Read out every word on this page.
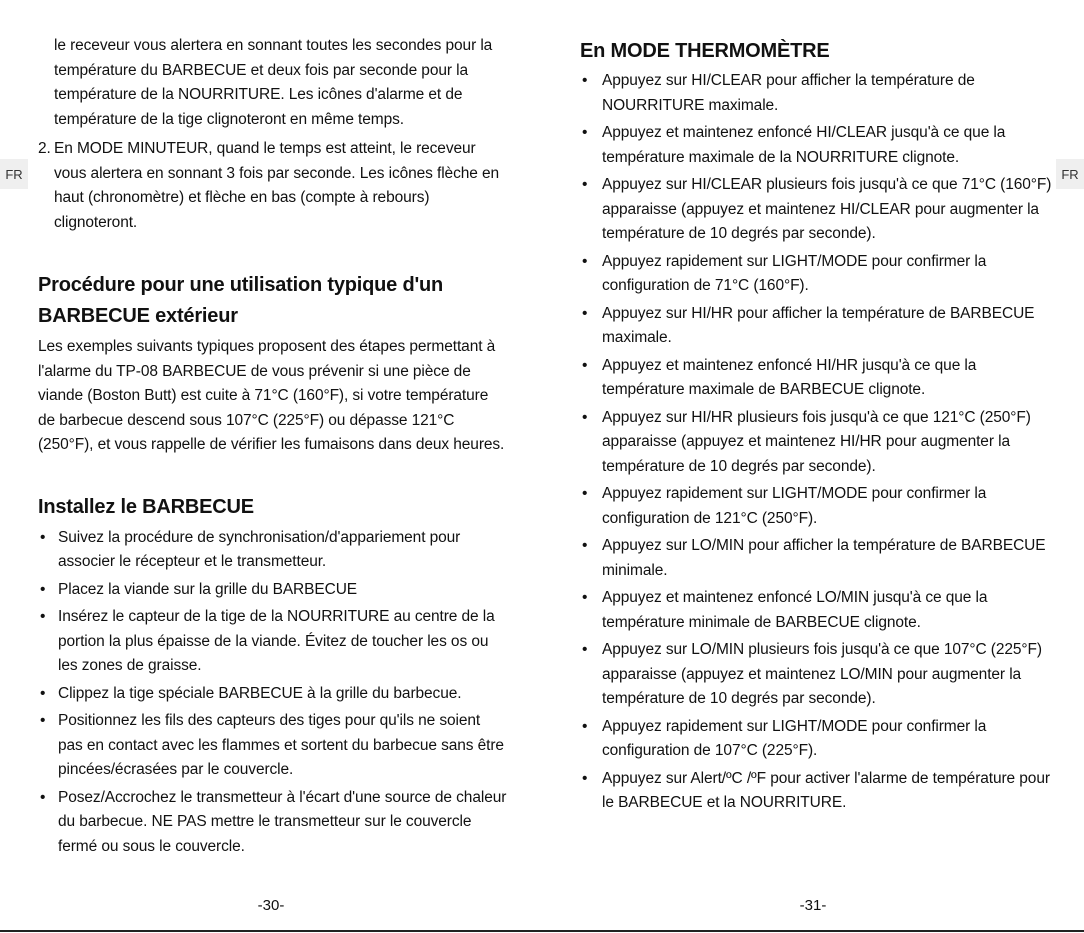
FR

le receveur vous alertera en sonnant toutes les secondes pour la température du BARBECUE et deux fois par seconde pour la température de la NOURRITURE. Les icônes d'alarme et de température de la tige clignoteront en même temps.

2. En MODE MINUTEUR, quand le temps est atteint, le receveur vous alertera en sonnant 3 fois par seconde. Les icônes flèche en haut (chronomètre) et flèche en bas (compte à rebours) clignoteront.
Procédure pour une utilisation typique d'un BARBECUE extérieur

Les exemples suivants typiques proposent des étapes permettant à l'alarme du TP-08 BARBECUE de vous prévenir si une pièce de viande (Boston Butt) est cuite à 71°C (160°F), si votre température de barbecue descend sous 107°C (225°F) ou dépasse 121°C (250°F), et vous rappelle de vérifier les fumaisons dans deux heures.

Installez le BARBECUE
• Suivez la procédure de synchronisation/d'appariement pour associer le récepteur et le transmetteur.
• Placez la viande sur la grille du BARBECUE
• Insérez le capteur de la tige de la NOURRITURE au centre de la portion la plus épaisse de la viande. Évitez de toucher les os ou les zones de graisse.
• Clippez la tige spéciale BARBECUE à la grille du barbecue.
• Positionnez les fils des capteurs des tiges pour qu'ils ne soient pas en contact avec les flammes et sortent du barbecue sans être pincées/écrasées par le couvercle.
• Posez/Accrochez le transmetteur à l'écart d'une source de chaleur du barbecue. NE PAS mettre le transmetteur sur le couvercle fermé ou sous le couvercle.
-30-
FR
En MODE THERMOMÈTRE
• Appuyez sur HI/CLEAR pour afficher la température de NOURRITURE maximale.
• Appuyez et maintenez enfoncé HI/CLEAR jusqu'à ce que la température maximale de la NOURRITURE clignote.
• Appuyez sur HI/CLEAR plusieurs fois jusqu'à ce que 71°C (160°F) apparaisse (appuyez et maintenez HI/CLEAR pour augmenter la température de 10 degrés par seconde).
• Appuyez rapidement sur LIGHT/MODE pour confirmer la configuration de 71°C (160°F).
• Appuyez sur HI/HR pour afficher la température de BARBECUE maximale.
• Appuyez et maintenez enfoncé HI/HR jusqu'à ce que la température maximale de BARBECUE clignote.
• Appuyez sur HI/HR plusieurs fois jusqu'à ce que 121°C (250°F) apparaisse (appuyez et maintenez HI/HR pour augmenter la température de 10 degrés par seconde).
• Appuyez rapidement sur LIGHT/MODE pour confirmer la configuration de 121°C (250°F).
• Appuyez sur LO/MIN pour afficher la température de BARBECUE minimale.
• Appuyez et maintenez enfoncé LO/MIN jusqu'à ce que la température minimale de BARBECUE clignote.
• Appuyez sur LO/MIN plusieurs fois jusqu'à ce que 107°C (225°F) apparaisse (appuyez et maintenez LO/MIN pour augmenter la température de 10 degrés par seconde).
• Appuyez rapidement sur LIGHT/MODE pour confirmer la configuration de 107°C (225°F).
• Appuyez sur Alert/ºC /ºF pour activer l'alarme de température pour le BARBECUE et la NOURRITURE.
-31-
